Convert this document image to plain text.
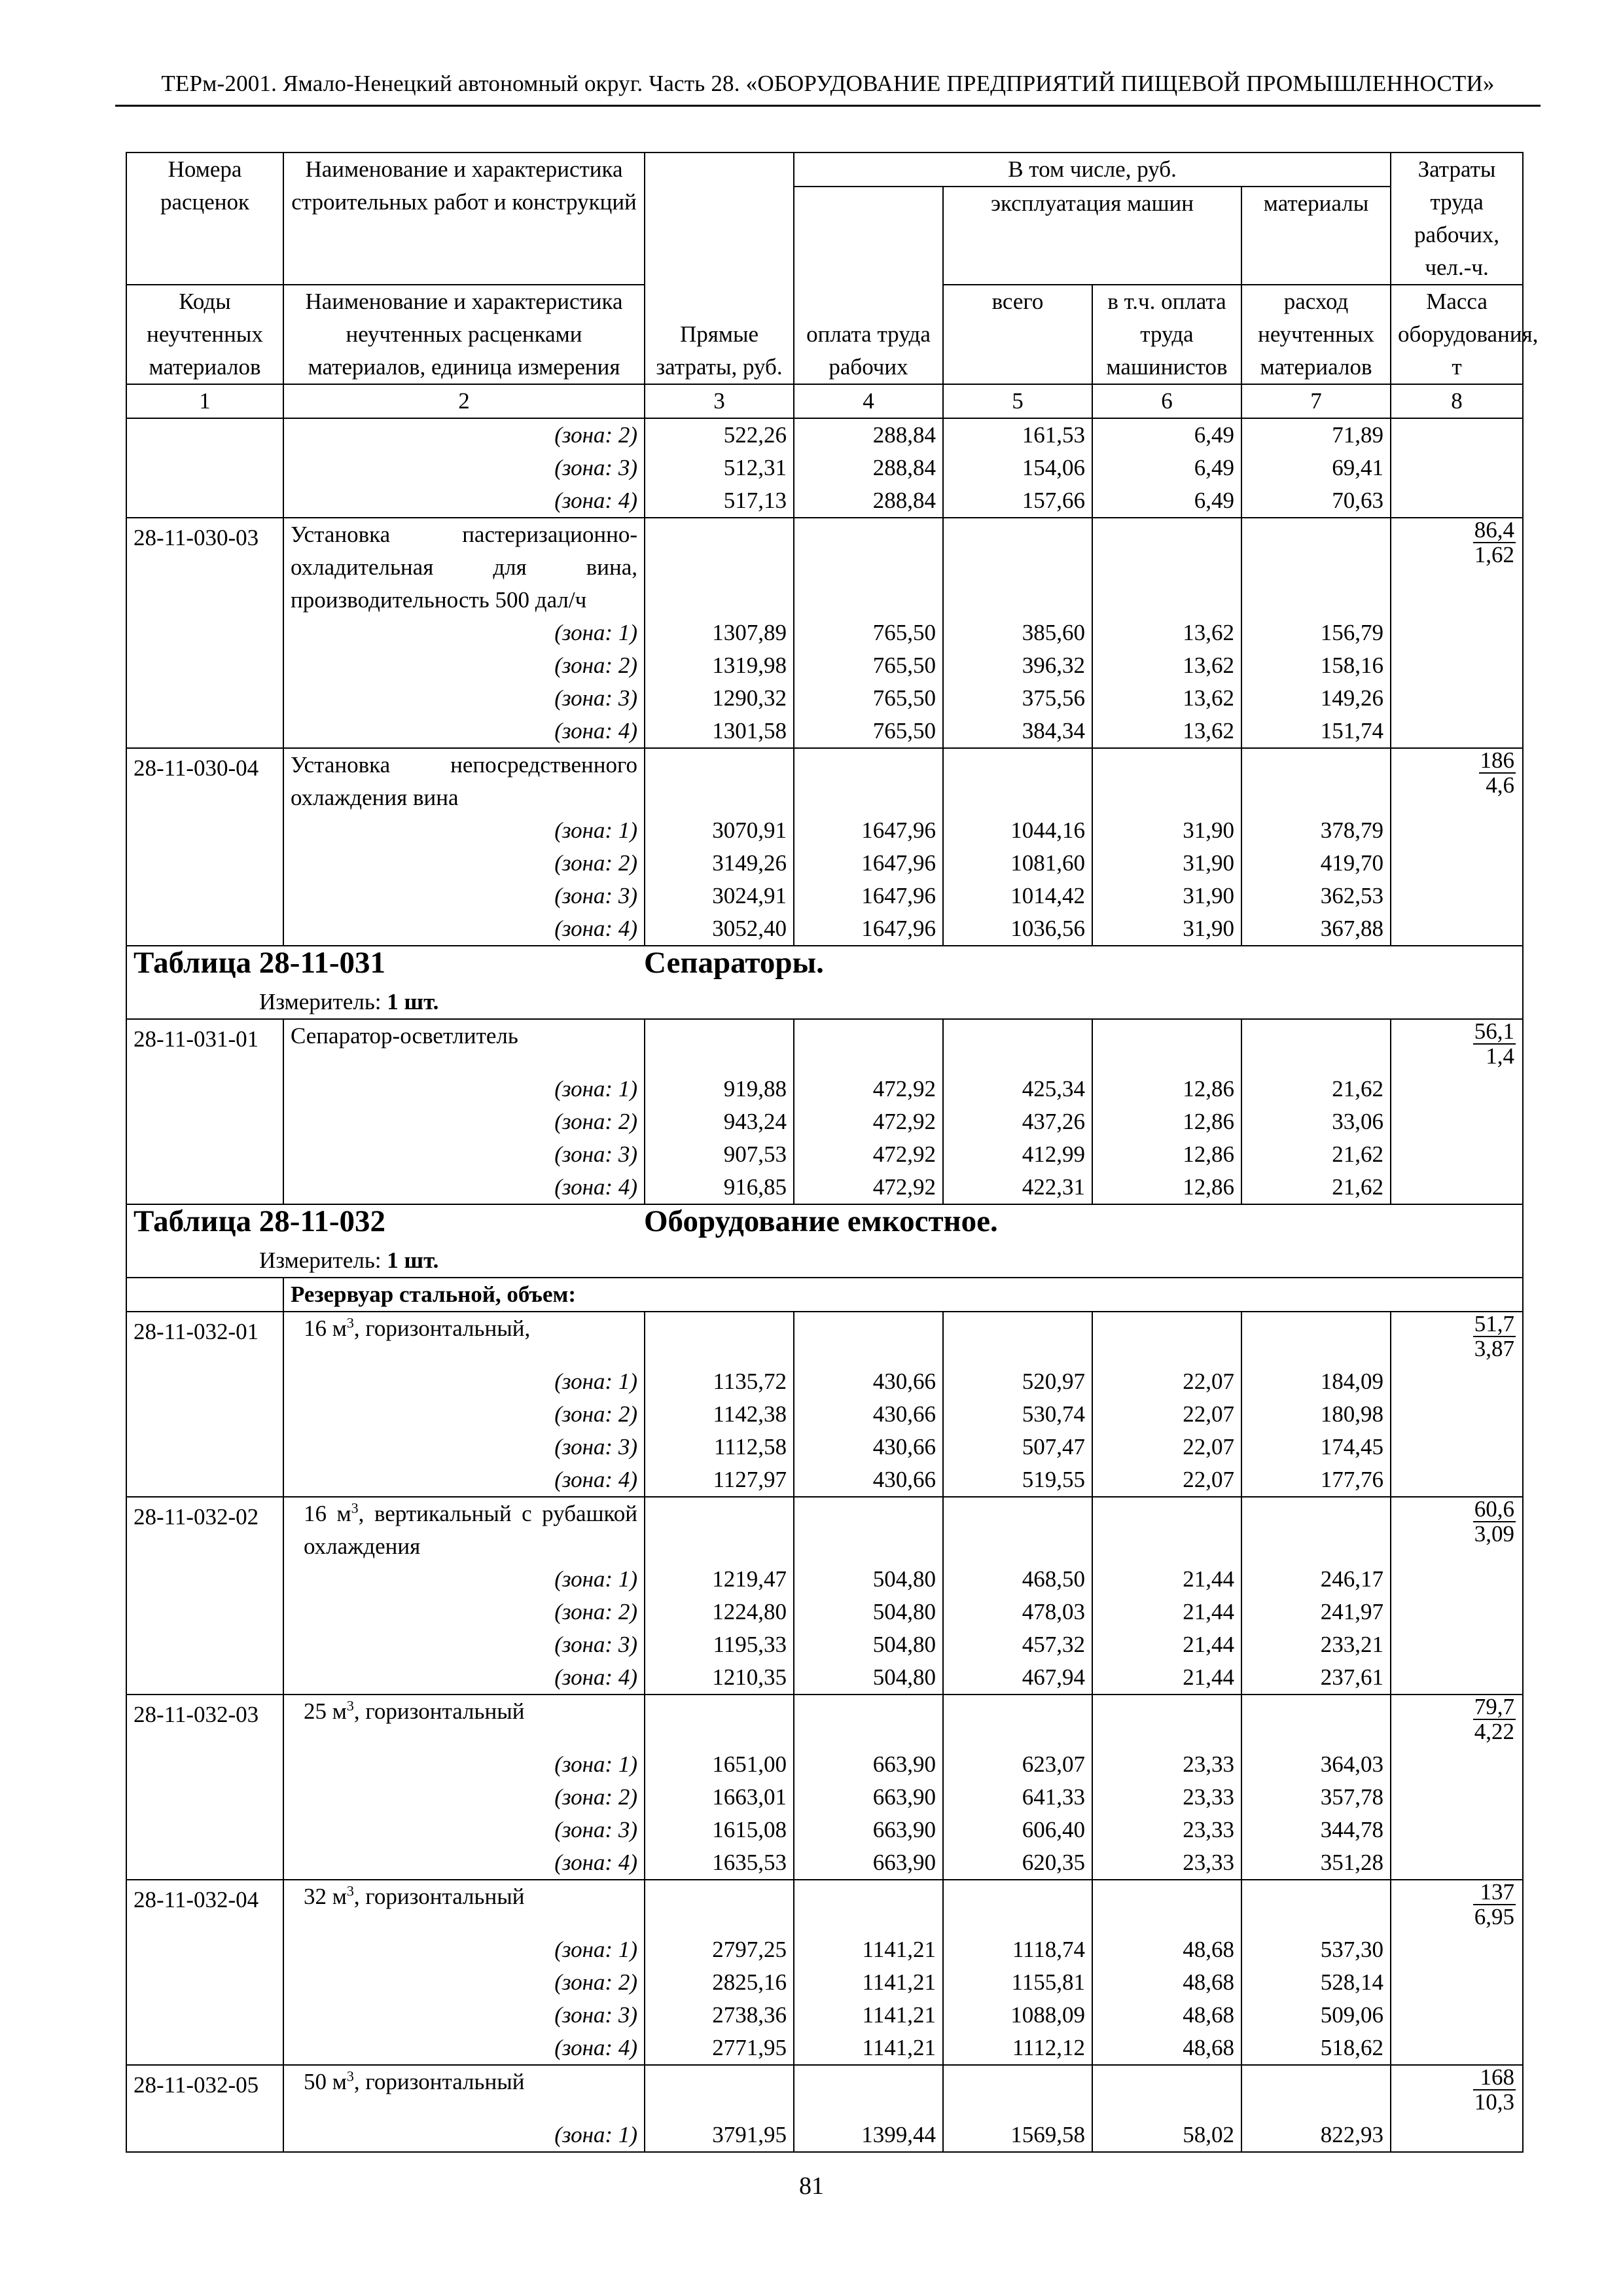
ТЕРм-2001. Ямало-Ненецкий автономный округ. Часть 28. «ОБОРУДОВАНИЕ ПРЕДПРИЯТИЙ ПИЩЕВОЙ ПРОМЫШЛЕННОСТИ»
Номера расценок	Наименование и характеристика строительных работ и конструкций	Прямые затраты, руб.	В том числе, руб.				Затраты труда рабочих, чел.-ч.
			оплата труда рабочих	эксплуатация машин		материалы	
Коды неучтенных материалов	Наименование и характеристика неучтенных расценками материалов, единица измерения			всего	в т.ч. оплата труда машинистов	расход неучтенных материалов	Масса оборудования, т
1	2	3	4	5	6	7	8
	(зона: 2)	522,26	288,84	161,53	6,49	71,89	
	(зона: 3)	512,31	288,84	154,06	6,49	69,41	
	(зона: 4)	517,13	288,84	157,66	6,49	70,63	
28-11-030-03	Установка пастеризационно-охладительная для вина, производительность 500 дал/ч						$\frac{86,4}{1,62}$

	(зона: 1)	1307,89	765,50	385,60	13,62	156,79	
	(зона: 2)	1319,98	765,50	396,32	13,62	158,16	
	(зона: 3)	1290,32	765,50	375,56	13,62	149,26	
	(зона: 4)	1301,58	765,50	384,34	13,62	151,74	
28-11-030-04	Установка непосредственного охлаждения вина						$\frac{186}{4,6}$

	(зона: 1)	3070,91	1647,96	1044,16	31,90	378,79	
	(зона: 2)	3149,26	1647,96	1081,60	31,90	419,70	
	(зона: 3)	3024,91	1647,96	1014,42	31,90	362,53	
	(зона: 4)	3052,40	1647,96	1036,56	31,90	367,88	

Таблица 28-11-031 Сепараторы.
Измеритель: 1 шт.							

28-11-031-01	Сепаратор-осветлитель						$\frac{56,1}{1,4}$

	(зона: 1)	919,88	472,92	425,34	12,86	21,62	
	(зона: 2)	943,24	472,92	437,26	12,86	33,06	
	(зона: 3)	907,53	472,92	412,99	12,86	21,62	
	(зона: 4)	916,85	472,92	422,31	12,86	21,62	

Таблица 28-11-032 Оборудование емкостное.
Измеритель: 1 шт.							

	Резервуар стальной, объем:						
28-11-032-01	16 $м^3$, горизонтальный,						$\frac{51,7}{3,87}$

	(зона: 1)	1135,72	430,66	520,97	22,07	184,09	
	(зона: 2)	1142,38	430,66	530,74	22,07	180,98	
	(зона: 3)	1112,58	430,66	507,47	22,07	174,45	
	(зона: 4)	1127,97	430,66	519,55	22,07	177,76	
28-11-032-02	16 $м^3$, вертикальный с рубашкой охлаждения						$\frac{60,6}{3,09}$

	(зона: 1)	1219,47	504,80	468,50	21,44	246,17	
	(зона: 2)	1224,80	504,80	478,03	21,44	241,97	
	(зона: 3)	1195,33	504,80	457,32	21,44	233,21	
	(зона: 4)	1210,35	504,80	467,94	21,44	237,61	
28-11-032-03	25 $м^3$, горизонтальный						$\frac{79,7}{4,22}$

	(зона: 1)	1651,00	663,90	623,07	23,33	364,03	
	(зона: 2)	1663,01	663,90	641,33	23,33	357,78	
	(зона: 3)	1615,08	663,90	606,40	23,33	344,78	
	(зона: 4)	1635,53	663,90	620,35	23,33	351,28	
28-11-032-04	32 $м^3$, горизонтальный						$\frac{137}{6,95}$

	(зона: 1)	2797,25	1141,21	1118,74	48,68	537,30	
	(зона: 2)	2825,16	1141,21	1155,81	48,68	528,14	
	(зона: 3)	2738,36	1141,21	1088,09	48,68	509,06	
	(зона: 4)	2771,95	1141,21	1112,12	48,68	518,62	
28-11-032-05	50 $м^3$, горизонтальный						$\frac{168}{10,3}$

	(зона: 1)	3791,95	1399,44	1569,58	58,02	822,93	
81
